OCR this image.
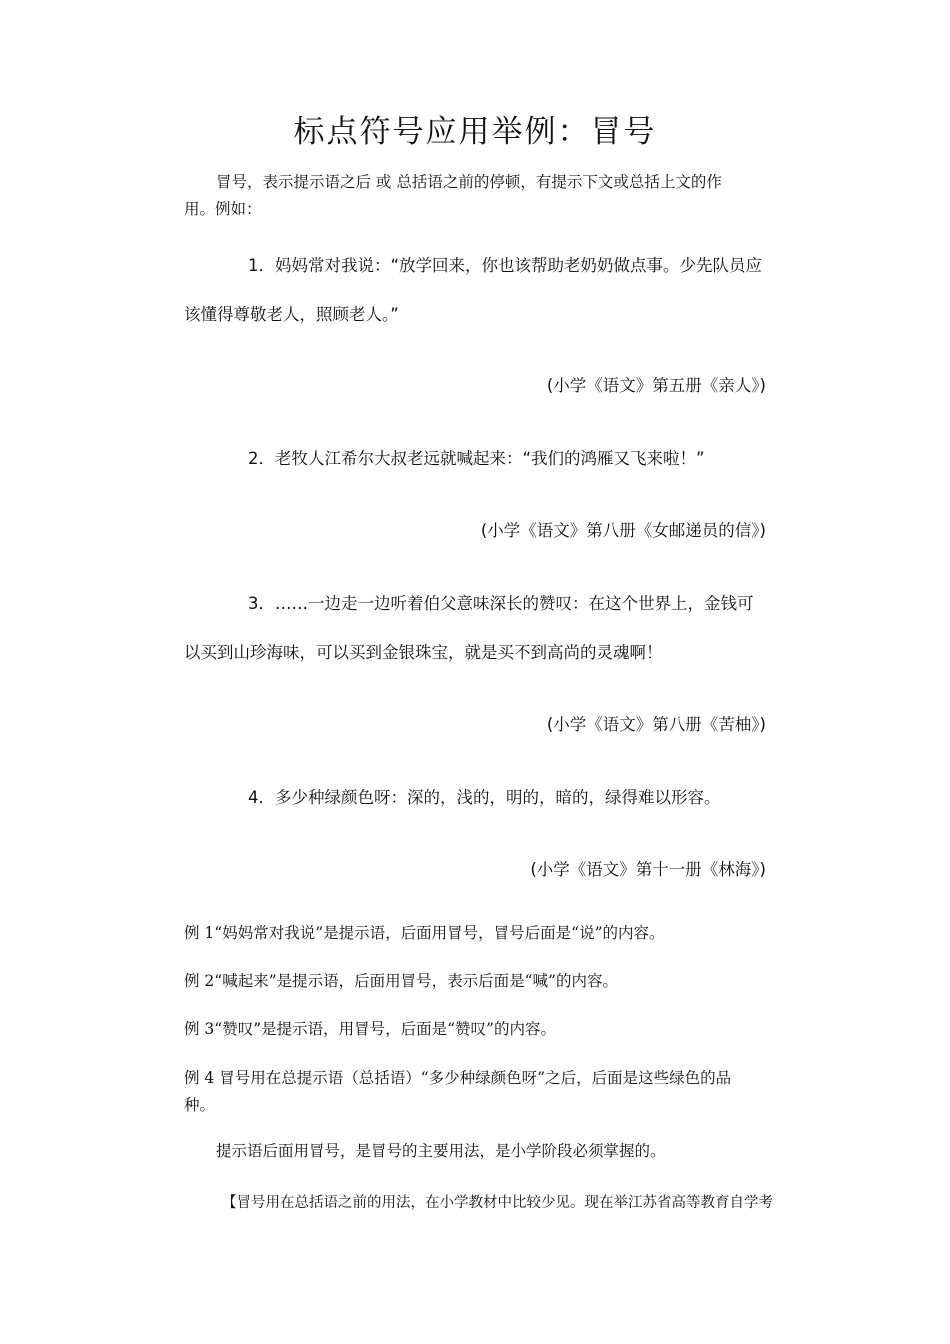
标点符号应用举例：冒号

冒号，表示提示语之后 或 总括语之前的停顿，有提示下文或总括上文的作

用。例如：

1．妈妈常对我说：“放学回来，你也该帮助老奶奶做点事。少先队员应

该懂得尊敬老人，照顾老人。”

(小学《语文》第五册《亲人》)

2．老牧人江希尔大叔老远就喊起来：“我们的鸿雁又飞来啦！”

(小学《语文》第八册《女邮递员的信》)

3．……一边走一边听着伯父意味深长的赞叹：在这个世界上，金钱可

以买到山珍海味，可以买到金银珠宝，就是买不到高尚的灵魂啊！

(小学《语文》第八册《苦柚》)

4．多少种绿颜色呀：深的，浅的，明的，暗的，绿得难以形容。

(小学《语文》第十一册《林海》)

例 1“妈妈常对我说”是提示语，后面用冒号，冒号后面是“说”的内容。

例 2“喊起来”是提示语，后面用冒号，表示后面是“喊”的内容。

例 3“赞叹”是提示语，用冒号，后面是“赞叹”的内容。

例 4 冒号用在总提示语（总括语）“多少种绿颜色呀”之后，后面是这些绿色的品

种。

提示语后面用冒号，是冒号的主要用法，是小学阶段必须掌握的。

【冒号用在总括语之前的用法，在小学教材中比较少见。现在举江苏省高等教育自学考
